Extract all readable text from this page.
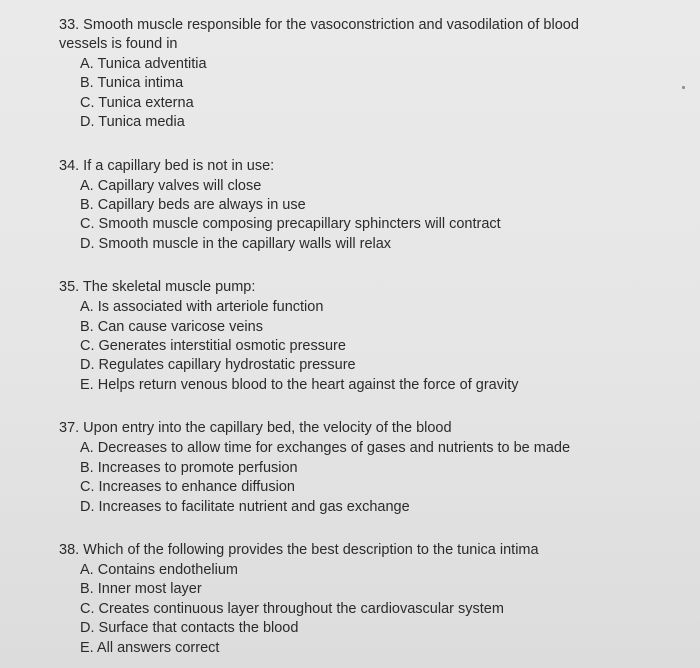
33. Smooth muscle responsible for the vasoconstriction and vasodilation of blood vessels is found in
A. Tunica adventitia
B. Tunica intima
C. Tunica externa
D. Tunica media
34. If a capillary bed is not in use:
A. Capillary valves will close
B. Capillary beds are always in use
C. Smooth muscle composing precapillary sphincters will contract
D. Smooth muscle in the capillary walls will relax
35. The skeletal muscle pump:
A. Is associated with arteriole function
B. Can cause varicose veins
C. Generates interstitial osmotic pressure
D. Regulates capillary hydrostatic pressure
E. Helps return venous blood to the heart against the force of gravity
37. Upon entry into the capillary bed, the velocity of the blood
A. Decreases to allow time for exchanges of gases and nutrients to be made
B. Increases to promote perfusion
C. Increases to enhance diffusion
D. Increases to facilitate nutrient and gas exchange
38. Which of the following provides the best description to the tunica intima
A. Contains endothelium
B. Inner most layer
C. Creates continuous layer throughout the cardiovascular system
D. Surface that contacts the blood
E. All answers correct
